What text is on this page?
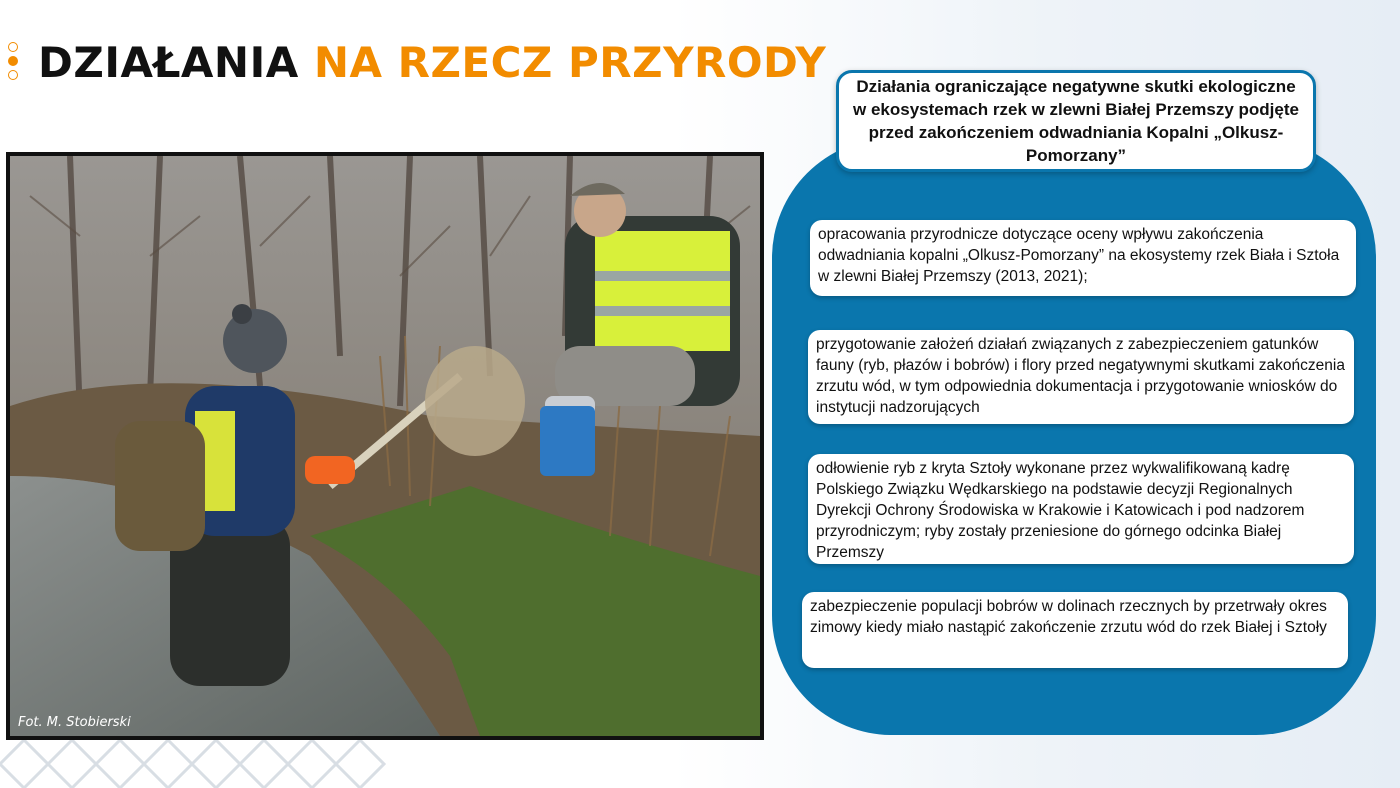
DZIAŁANIA NA RZECZ PRZYRODY
Fot. M. Stobierski
Działania ograniczające negatywne skutki ekologiczne w ekosystemach rzek w zlewni Białej Przemszy podjęte przed zakończeniem odwadniania Kopalni „Olkusz-Pomorzany”
opracowania przyrodnicze dotyczące oceny wpływu zakończenia odwadniania kopalni „Olkusz-Pomorzany” na ekosystemy rzek Biała i Sztoła w zlewni Białej Przemszy (2013, 2021);
przygotowanie założeń działań związanych z zabezpieczeniem gatunków fauny (ryb, płazów i bobrów) i flory przed negatywnymi skutkami zakończenia zrzutu wód, w tym odpowiednia dokumentacja i przygotowanie wniosków do instytucji nadzorujących
odłowienie ryb z kryta Sztoły wykonane przez wykwalifikowaną kadrę Polskiego Związku Wędkarskiego na podstawie decyzji Regionalnych Dyrekcji Ochrony Środowiska w Krakowie i Katowicach i pod nadzorem przyrodniczym; ryby zostały przeniesione do górnego odcinka Białej Przemszy
zabezpieczenie populacji bobrów w dolinach rzecznych by przetrwały okres zimowy kiedy miało nastąpić zakończenie zrzutu wód do rzek Białej i Sztoły
